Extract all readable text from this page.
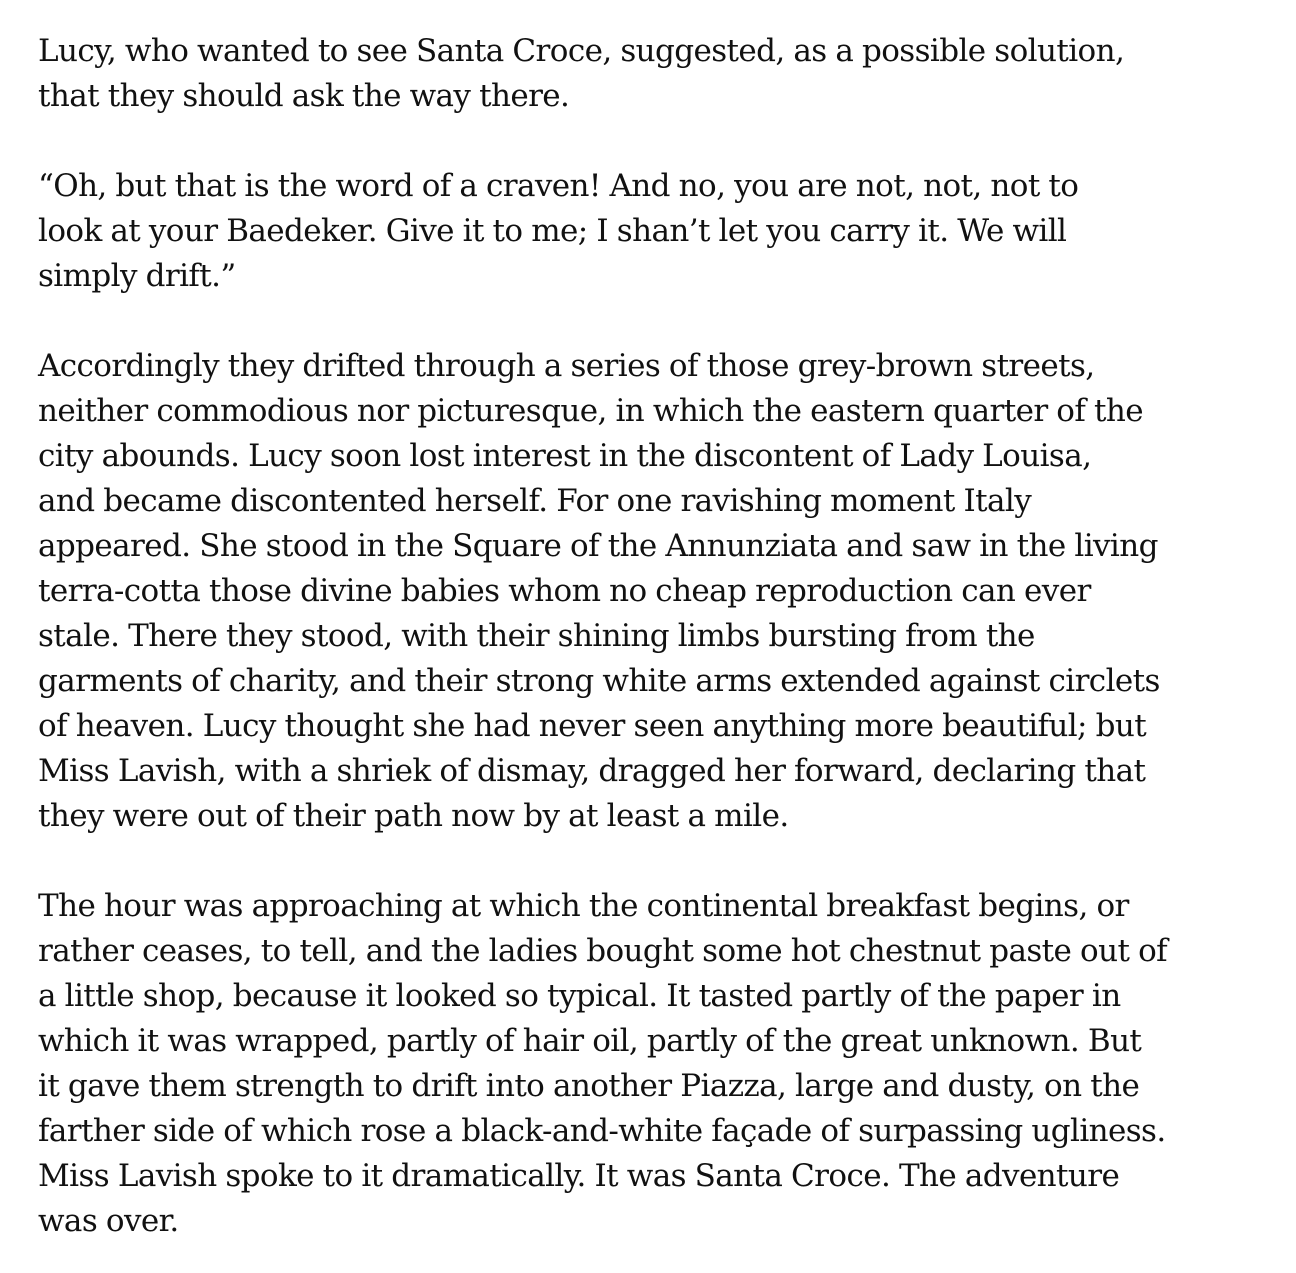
Lucy, who wanted to see Santa Croce, suggested, as a possible solution,
that they should ask the way there.

“Oh, but that is the word of a craven! And no, you are not, not, not to
look at your Baedeker. Give it to me; I shan’t let you carry it. We will
simply drift.”

Accordingly they drifted through a series of those grey-brown streets,
neither commodious nor picturesque, in which the eastern quarter of the
city abounds. Lucy soon lost interest in the discontent of Lady Louisa,
and became discontented herself. For one ravishing moment Italy
appeared. She stood in the Square of the Annunziata and saw in the living
terra-cotta those divine babies whom no cheap reproduction can ever
stale. There they stood, with their shining limbs bursting from the
garments of charity, and their strong white arms extended against circlets
of heaven. Lucy thought she had never seen anything more beautiful; but
Miss Lavish, with a shriek of dismay, dragged her forward, declaring that
they were out of their path now by at least a mile.

The hour was approaching at which the continental breakfast begins, or
rather ceases, to tell, and the ladies bought some hot chestnut paste out of
a little shop, because it looked so typical. It tasted partly of the paper in
which it was wrapped, partly of hair oil, partly of the great unknown. But
it gave them strength to drift into another Piazza, large and dusty, on the
farther side of which rose a black-and-white façade of surpassing ugliness.
Miss Lavish spoke to it dramatically. It was Santa Croce. The adventure
was over.
